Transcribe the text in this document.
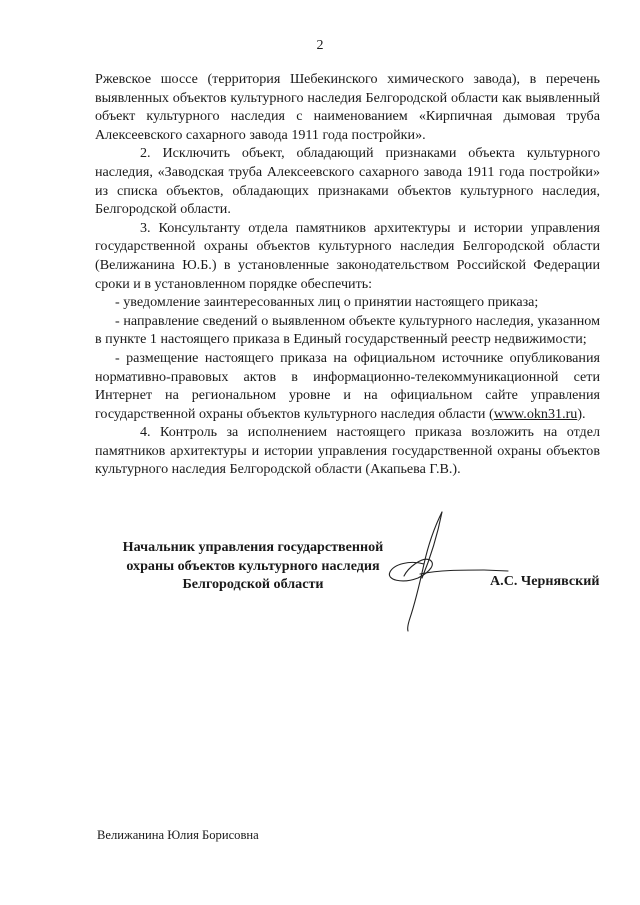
2

Ржевское шоссе (территория Шебекинского химического завода), в перечень выявленных объектов культурного наследия Белгородской области как выявленный объект культурного наследия с наименованием «Кирпичная дымовая труба Алексеевского сахарного завода 1911 года постройки».

2. Исключить объект, обладающий признаками объекта культурного наследия, «Заводская труба Алексеевского сахарного завода 1911 года постройки» из списка объектов, обладающих признаками объектов культурного наследия, Белгородской области.

3. Консультанту отдела памятников архитектуры и истории управления государственной охраны объектов культурного наследия Белгородской области (Велижанина Ю.Б.) в установленные законодательством Российской Федерации сроки и в установленном порядке обеспечить:

- уведомление заинтересованных лиц о принятии настоящего приказа;

- направление сведений о выявленном объекте культурного наследия, указанном в пункте 1 настоящего приказа в Единый государственный реестр недвижимости;

- размещение настоящего приказа на официальном источнике опубликования нормативно-правовых актов в информационно-телекоммуникационной сети Интернет на региональном уровне и на официальном сайте управления государственной охраны объектов культурного наследия области (www.okn31.ru).

4. Контроль за исполнением настоящего приказа возложить на отдел памятников архитектуры и истории управления государственной охраны объектов культурного наследия Белгородской области (Акапьева Г.В.).

Начальник управления государственной
охраны объектов культурного наследия
Белгородской области	А.С. Чернявский
Велижанина Юлия Борисовна
